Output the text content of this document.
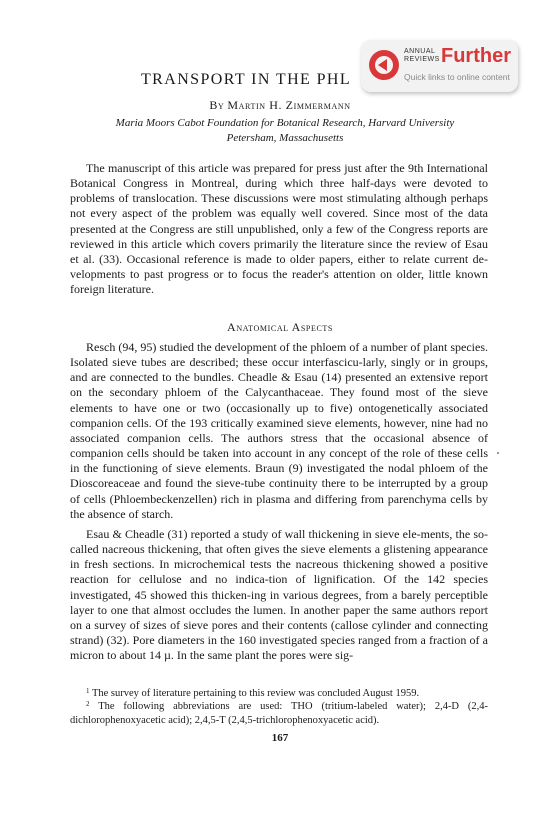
ANNUAL
REVIEWS Further
Quick links to online content
TRANSPORT IN THE PHL
By Martin H. Zimmermann
Maria Moors Cabot Foundation for Botanical Research, Harvard University
Petersham, Massachusetts
The manuscript of this article was prepared for press just after the 9th International Botanical Congress in Montreal, during which three half-days were devoted to problems of translocation. These discussions were most stimulating although perhaps not every aspect of the problem was equally well covered. Since most of the data presented at the Congress are still unpublished, only a few of the Congress reports are reviewed in this article which covers primarily the literature since the review of Esau et al. (33). Occasional reference is made to older papers, either to relate current de-velopments to past progress or to focus the reader's attention on older, little known foreign literature.
Anatomical Aspects
Resch (94, 95) studied the development of the phloem of a number of plant species. Isolated sieve tubes are described; these occur interfascicu-larly, singly or in groups, and are connected to the bundles. Cheadle & Esau (14) presented an extensive report on the secondary phloem of the Calycanthaceae. They found most of the sieve elements to have one or two (occasionally up to five) ontogenetically associated companion cells. Of the 193 critically examined sieve elements, however, nine had no associated companion cells. The authors stress that the occasional absence of companion cells should be taken into account in any concept of the role of these cells in the functioning of sieve elements. Braun (9) investigated the nodal phloem of the Dioscoreaceae and found the sieve-tube continuity there to be interrupted by a group of cells (Phloembeckenzellen) rich in plasma and differing from parenchyma cells by the absence of starch.
Esau & Cheadle (31) reported a study of wall thickening in sieve ele-ments, the so-called nacreous thickening, that often gives the sieve elements a glistening appearance in fresh sections. In microchemical tests the nacreous thickening showed a positive reaction for cellulose and no indica-tion of lignification. Of the 142 species investigated, 45 showed this thicken-ing in various degrees, from a barely perceptible layer to one that almost occludes the lumen. In another paper the same authors report on a survey of sizes of sieve pores and their contents (callose cylinder and connecting strand) (32). Pore diameters in the 160 investigated species ranged from a fraction of a micron to about 14 µ. In the same plant the pores were sig-
$^1$ The survey of literature pertaining to this review was concluded August 1959.
$^2$ The following abbreviations are used: THO (tritium-labeled water); 2,4-D (2,4-dichlorophenoxyacetic acid); 2,4,5-T (2,4,5-trichlorophenoxyacetic acid).
167
